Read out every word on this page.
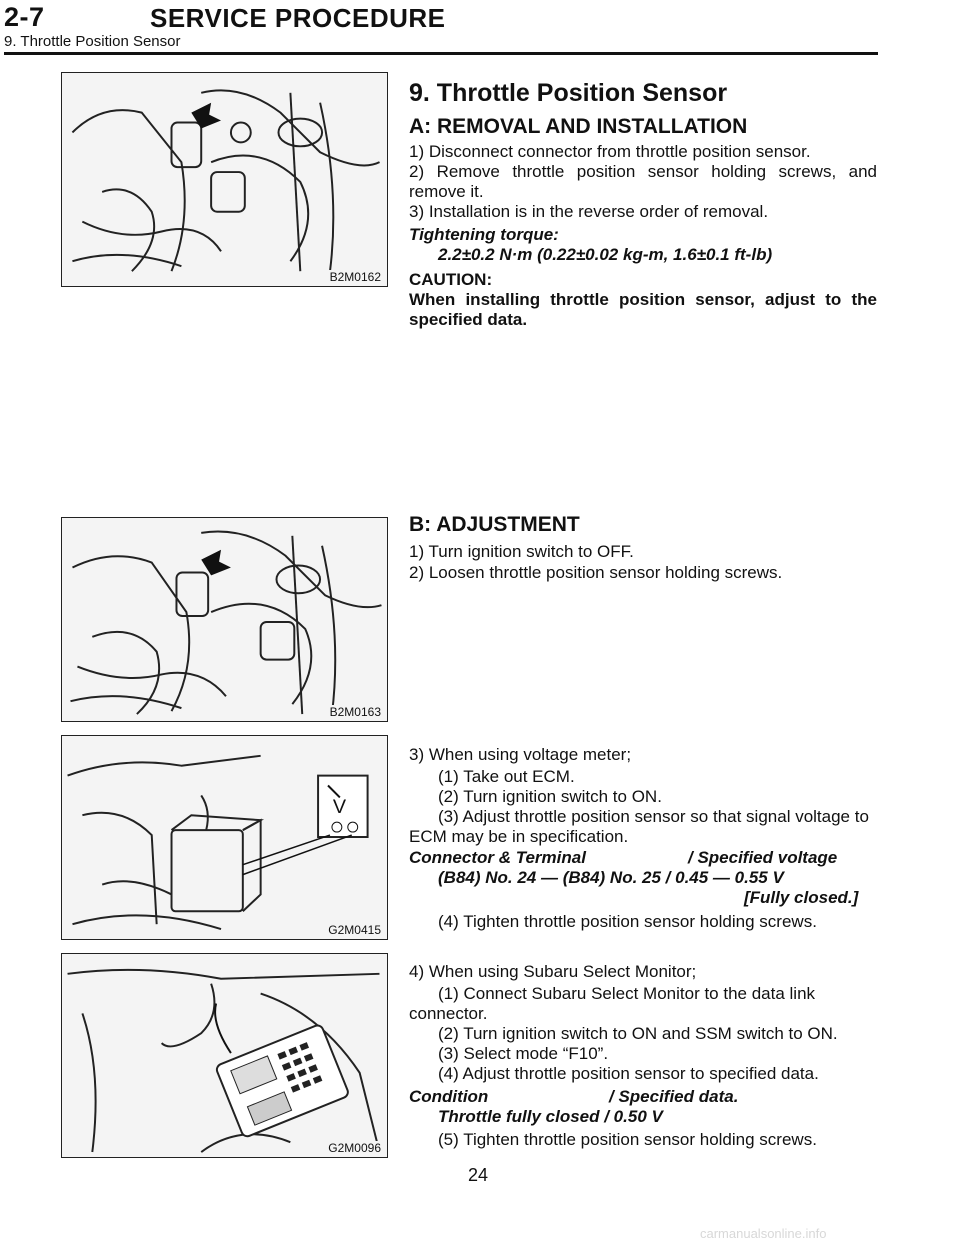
2-7	SERVICE PROCEDURE
9. Throttle Position Sensor
B2M0162
B2M0163
V
G2M0415
G2M0096
9. Throttle Position Sensor
A: REMOVAL AND INSTALLATION
1) Disconnect connector from throttle position sensor.
2) Remove throttle position sensor holding screws, and remove it.
3) Installation is in the reverse order of removal.
Tightening torque:
2.2±0.2 N·m (0.22±0.02 kg-m, 1.6±0.1 ft-lb)
CAUTION:
When installing throttle position sensor, adjust to the specified data.
B: ADJUSTMENT
1) Turn ignition switch to OFF.
2) Loosen throttle position sensor holding screws.
3) When using voltage meter;
(1) Take out ECM.
(2) Turn ignition switch to ON.
(3) Adjust throttle position sensor so that signal voltage to ECM may be in specification.
Connector & Terminal	/ Specified voltage
(B84) No. 24 — (B84) No. 25 / 0.45 — 0.55 V
[Fully closed.]
(4) Tighten throttle position sensor holding screws.
4) When using Subaru Select Monitor;
(1) Connect Subaru Select Monitor to the data link connector.
(2) Turn ignition switch to ON and SSM switch to ON.
(3) Select mode “F10”.
(4) Adjust throttle position sensor to specified data.
Condition	/ Specified data.
Throttle fully closed / 0.50 V
(5) Tighten throttle position sensor holding screws.
24
carmanualsonline.info
